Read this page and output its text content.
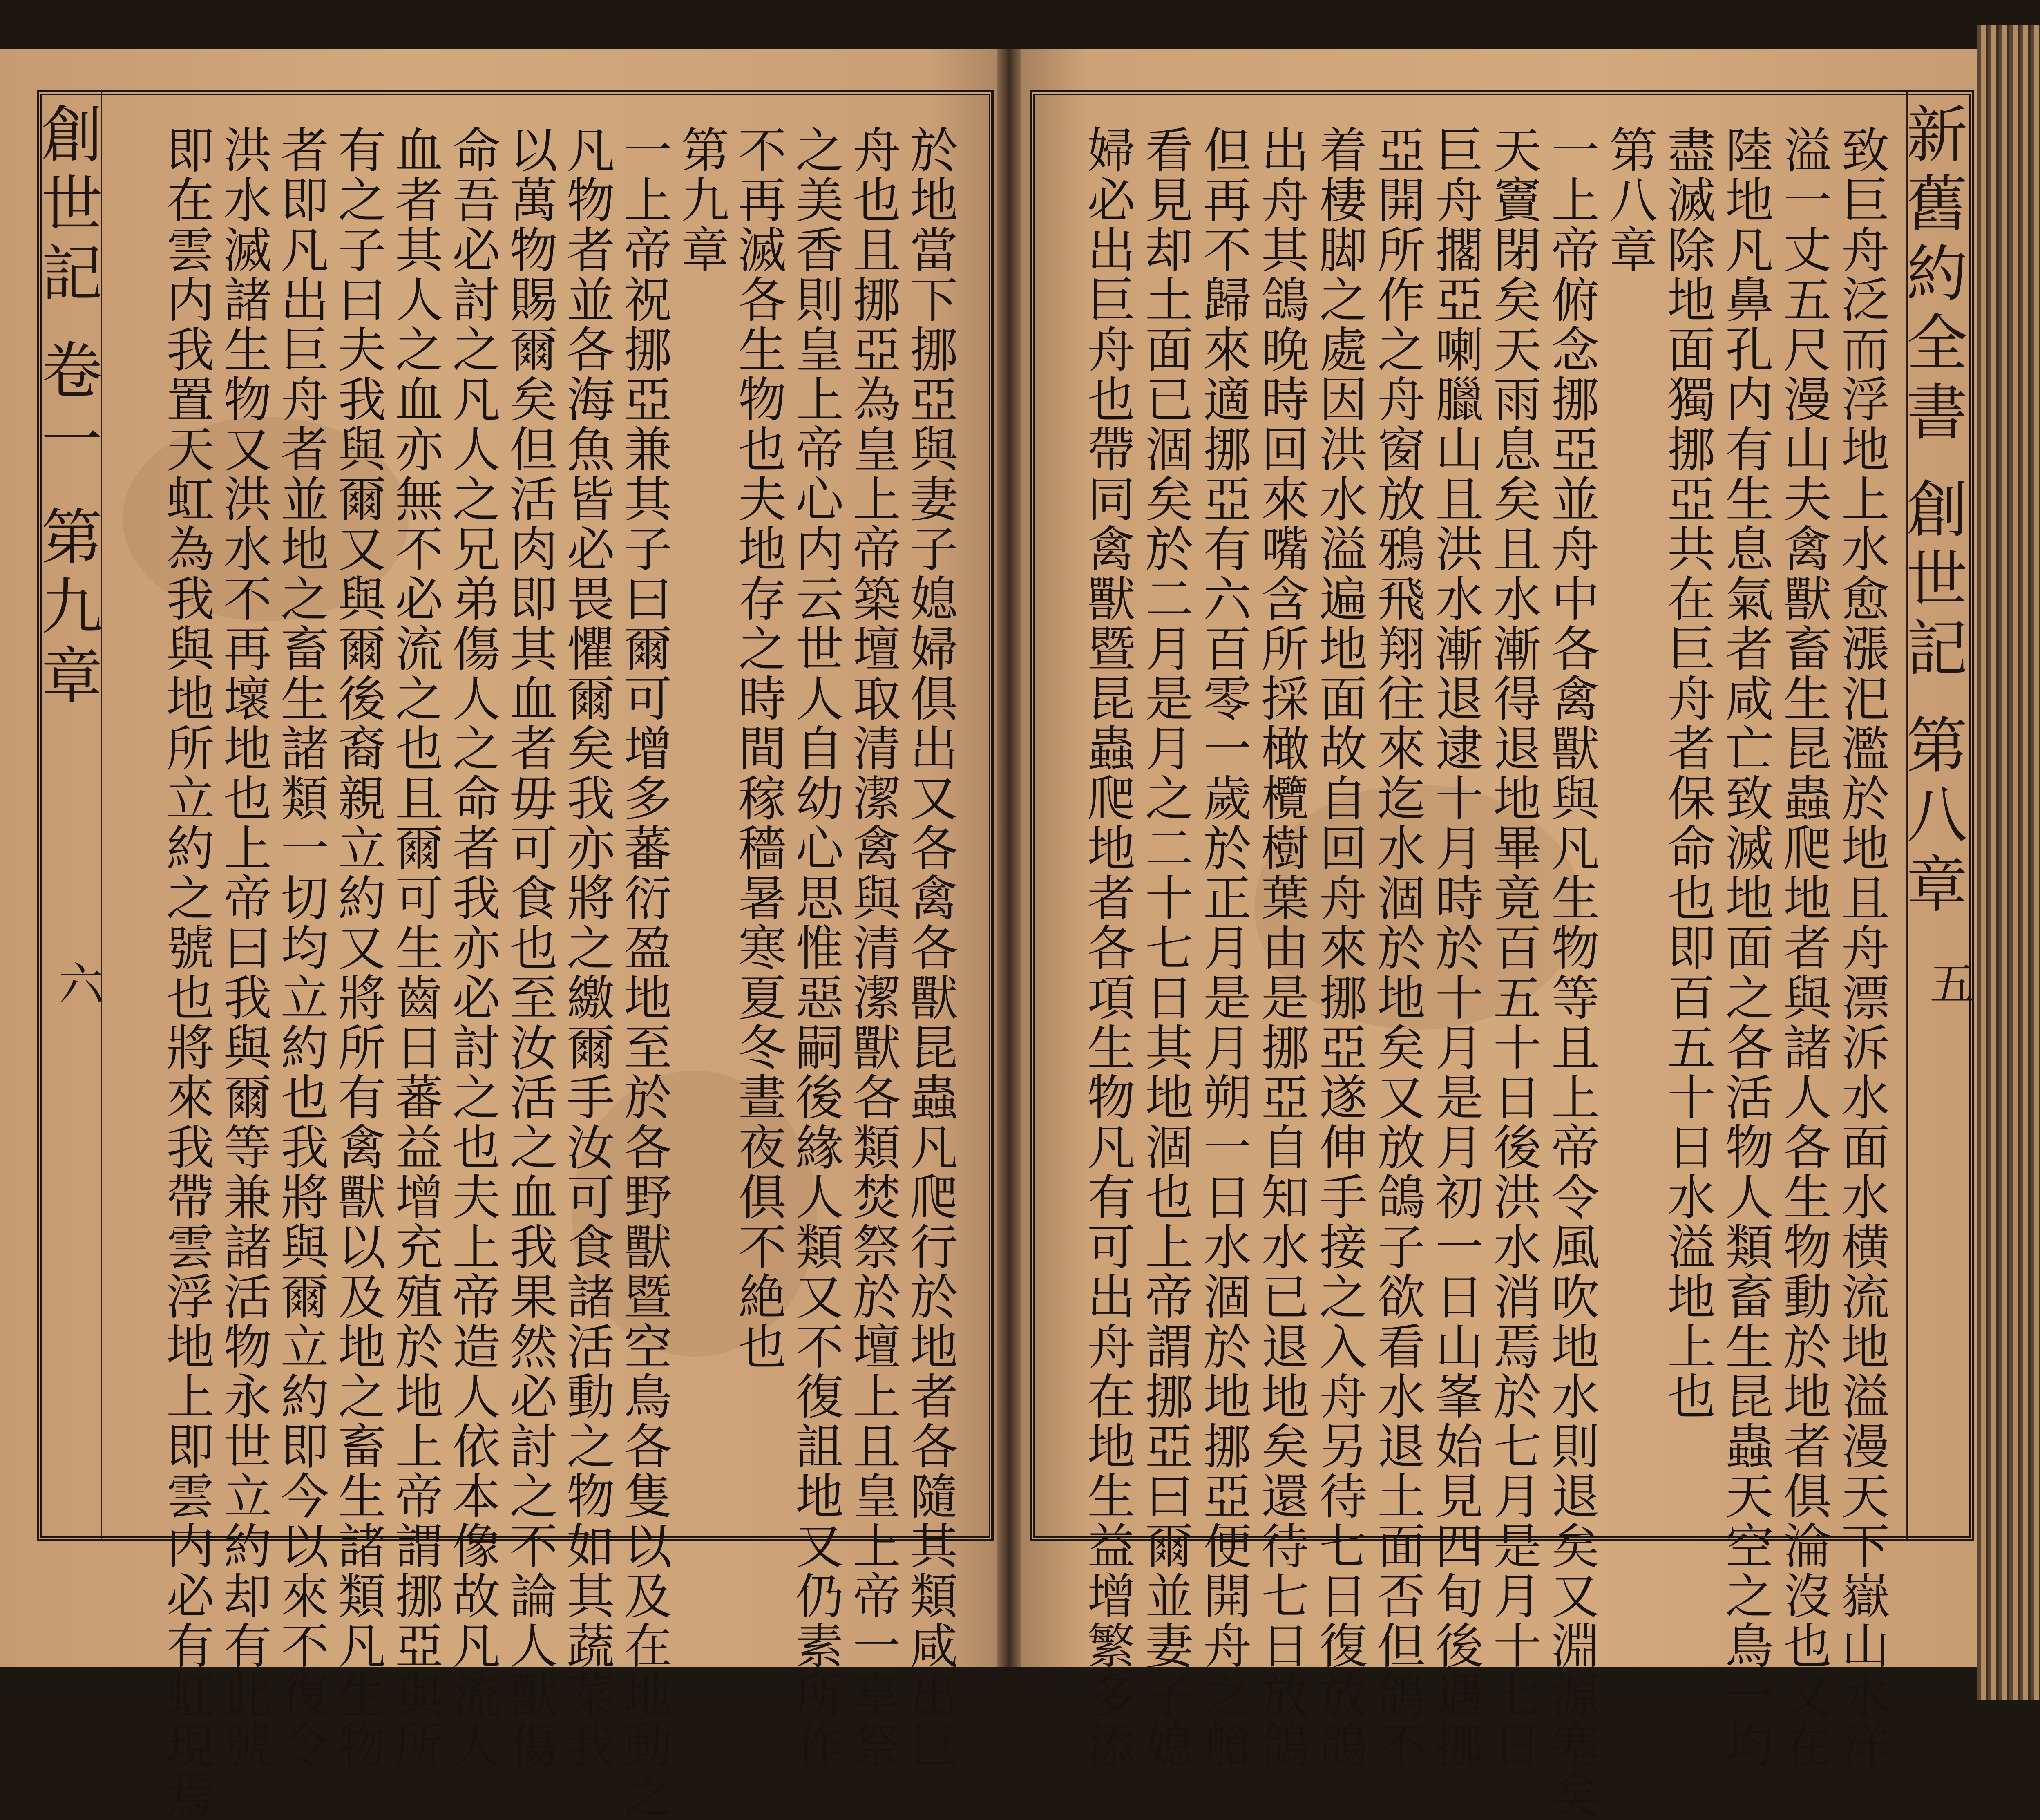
於地當下挪亞與妻子媳婦俱出又各禽各獸昆蟲凡爬行於地者各隨其類咸出巨
舟也且挪亞為皇上帝築壇取清潔禽與清潔獸各類焚祭於壇上且皇上帝一享祭
之美香則皇上帝心内云世人自幼心思惟惡嗣後緣人類又不復詛地又仍素所作
不再滅各生物也夫地存之時間稼穡暑寒夏冬晝夜俱不絶也
第九章
一上帝祝挪亞兼其子曰爾可增多蕃衍盈地至於各野獸暨空鳥各隻以及在地動之
凡物者並各海魚皆必畏懼爾矣我亦將之繳爾手汝可食諸活動之物如其蔬菜我
以萬物賜爾矣但活肉即其血者毋可食也至汝活之血我果然必討之不論人獸傷
命吾必討之凡人之兄弟傷人之命者我亦必討之也夫上帝造人依本像故凡流人
血者其人之血亦無不必流之也且爾可生齒日蕃益增充殖於地上帝謂挪亞與所
有之子曰夫我與爾又與爾後裔親立約又將所有禽獸以及地之畜生諸類凡生物
者即凡出巨舟者並地之畜生諸類一切均立約也我將與爾立約即今以來不復令
洪水滅諸生物又洪水不再壞地也上帝曰我與爾等兼諸活物永世立約却有此號
即在雲内我置天虹為我與地所立約之號也將來我帶雲浮地上即雲内必有虹現焉
創世記 卷一 第九章
六	致巨舟泛而浮地上水愈漲汜濫於地且舟漂泝水面水横流地溢漫天下嶽山水洋
溢一丈五尺漫山夫禽獸畜生昆蟲爬地者與諸人各生物動於地者俱淪沒也又在
陸地凡鼻孔内有生息氣者咸亡致滅地面之各活物人類畜生昆蟲天空之鳥一均
盡滅除地面獨挪亞共在巨舟者保命也即百五十日水溢地上也
第八章
一上帝俯念挪亞並舟中各禽獸與凡生物等且上帝令風吹地水則退矣又淵源塞矣
天竇閉矣天雨息矣且水漸得退地畢竟百五十日後洪水消焉於七月是月十七日
巨舟擱亞喇臘山且洪水漸退逮十月時於十月是月初一日山峯始見四旬後遇挪
亞開所作之舟窗放鴉飛翔往來迄水涸於地矣又放鴿子欲看水退土面否但鴿不
着棲脚之處因洪水溢遍地面故自回舟來挪亞遂伸手接之入舟另待七日復放鴿
出舟其鴿晚時回來嘴含所採橄欖樹葉由是挪亞自知水已退地矣還待七日放鴿
但再不歸來適挪亞有六百零一歲於正月是月朔一日水涸於地挪亞便開舟之艙
看見却土面已涸矣於二月是月之二十七日其地涸也上帝謂挪亞曰爾並妻子媳
婦必出巨舟也帶同禽獸暨昆蟲爬地者各項生物凡有可出舟在地生益增繁多添	新舊約全書 創世記 第八章
五
